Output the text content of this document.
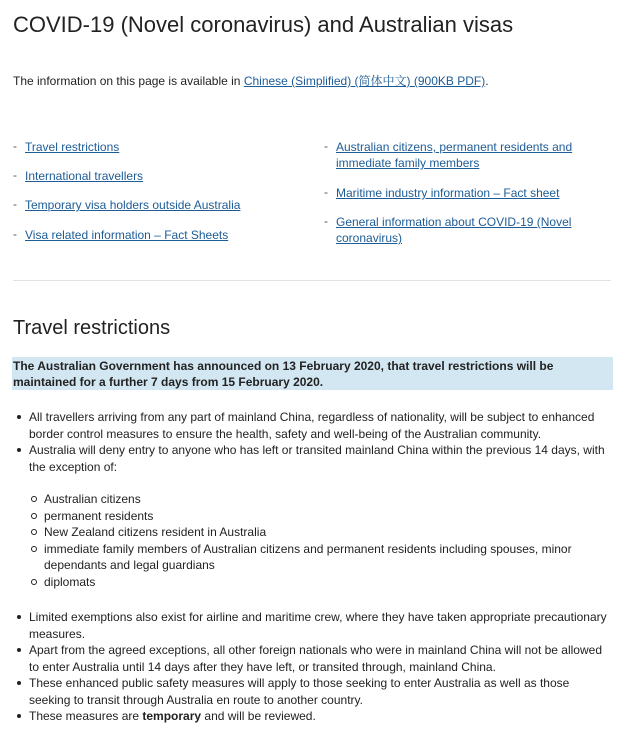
COVID-19 (Novel coronavirus) and Australian visas

The information on this page is available in Chinese (Simplified) (简体中文) (900KB PDF).

- Travel restrictions
- International travellers
- Temporary visa holders outside Australia
- Visa related information – Fact Sheets
- Australian citizens, permanent residents and immediate family members
- Maritime industry information – Fact sheet
- General information about COVID-19 (Novel coronavirus)
Travel restrictions
The Australian Government has announced on 13 February 2020, that travel restrictions will be maintained for a further 7 days from 15 February 2020.
All travellers arriving from any part of mainland China, regardless of nationality, will be subject to enhanced border control measures to ensure the health, safety and well-being of the Australian community.
Australia will deny entry to anyone who has left or transited mainland China within the previous 14 days, with the exception of:
Australian citizens
permanent residents
New Zealand citizens resident in Australia
immediate family members of Australian citizens and permanent residents including spouses, minor dependants and legal guardians
diplomats
Limited exemptions also exist for airline and maritime crew, where they have taken appropriate precautionary measures.
Apart from the agreed exceptions, all other foreign nationals who were in mainland China will not be allowed to enter Australia until 14 days after they have left, or transited through, mainland China.
These enhanced public safety measures will apply to those seeking to enter Australia as well as those seeking to transit through Australia en route to another country.
These measures are temporary and will be reviewed.
